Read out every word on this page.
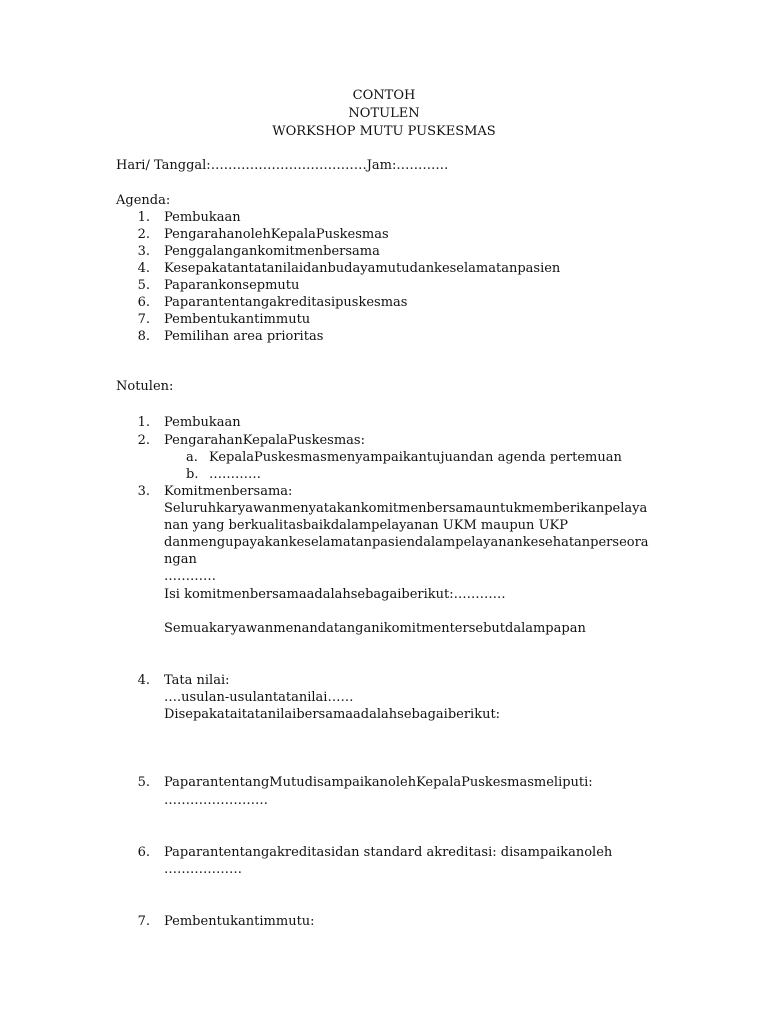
CONTOH
NOTULEN
WORKSHOP MUTU PUSKESMAS
Hari/ Tanggal:………………………………Jam:…………
Agenda:
1. Pembukaan
2. PengarahanolehKepalaPuskesmas
3. Penggalangankomitmenbersama
4. Kesepakatantatanilaidanbudayamutudankeselamatanpasien
5. Paparankonsepmutu
6. Paparantentangakreditasipuskesmas
7. Pembentukantimmutu
8. Pemilihan area prioritas
Notulen:
1. Pembukaan
2. PengarahanKepalaPuskesmas:
a. KepalaPuskesmasmenyampaikantujuandan agenda pertemuan
b. …………
3. Komitmenbersama:
Seluruhkaryawanmenyatakankomitmenbersamauntukmemberikanpelaya
nan yang berkualitasbaikdalampelayanan UKM maupun UKP
danmengupayakankeselamatanpasiendalampelayanankesehatanperseora
ngan
…………
Isi komitmenbersamaadalahsebagaiberikut:…………
Semuakaryawanmenandatanganikomitmentersebutdalampapan
4. Tata nilai:
….usulan-usulantatanilai……
Disepakataitatanilaibersamaadalahsebagaiberikut:
5. PaparantentangMutudisampaikanolehKepalaPuskesmasmeliputi:
……………………
6. Paparantentangakreditasidan standard akreditasi: disampaikanoleh
………………
7. Pembentukantimmutu:
